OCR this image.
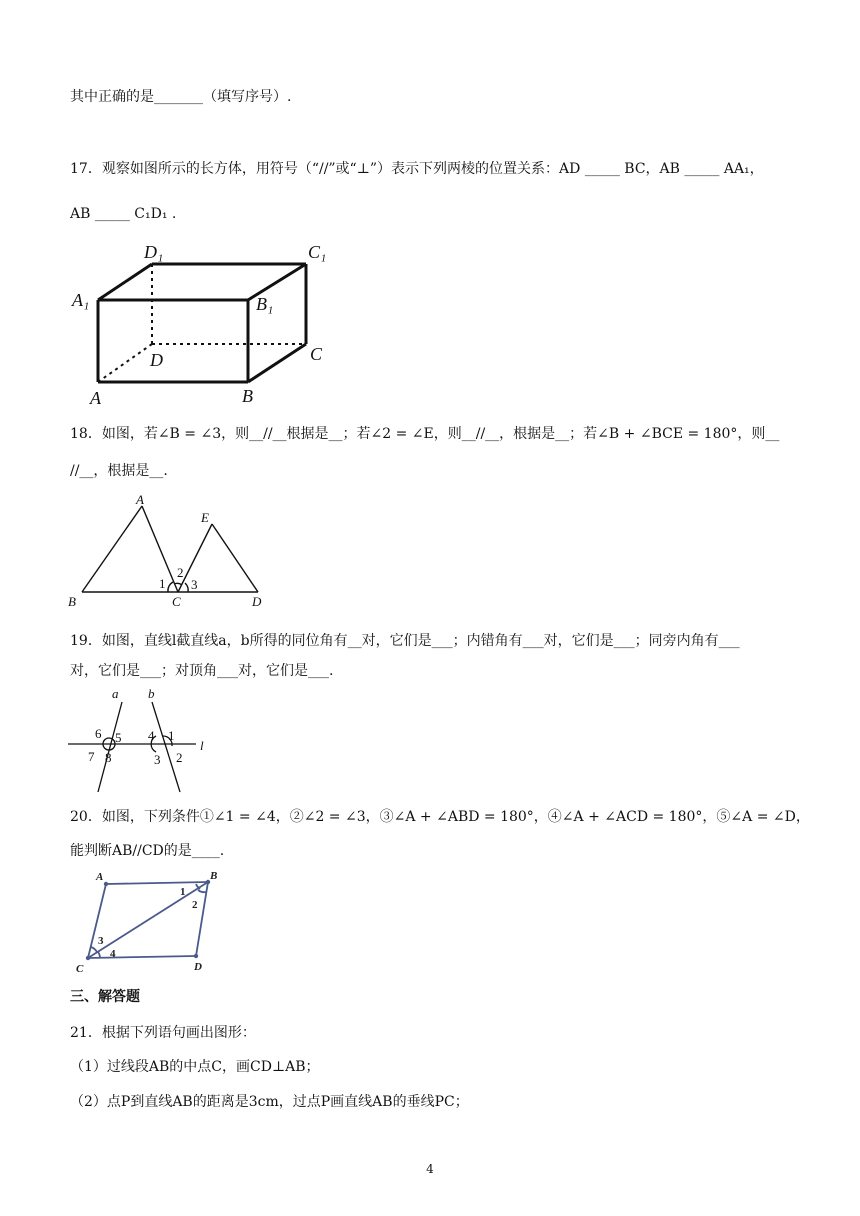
其中正确的是_______（填写序号）.
17．观察如图所示的长方体，用符号（“//”或“⊥”）表示下列两棱的位置关系：AD _____ BC，AB _____ AA₁，
AB _____ C₁D₁ .
D₁	C₁
A₁	B₁
D	C
A	B
18．如图，若∠B = ∠3，则__//__根据是__；若∠2 = ∠E，则__//__，根据是__；若∠B + ∠BCE = 180°，则__
//__，根据是__.
A
E
B	C	D
1
2
3
19．如图，直线l截直线a，b所得的同位角有__对，它们是___；内错角有___对，它们是___；同旁内角有___
对，它们是___；对顶角___对，它们是___.
a b
l
6 5
7 8
4 1
3 2
20．如图，下列条件①∠1 = ∠4，②∠2 = ∠3，③∠A + ∠ABD = 180°，④∠A + ∠ACD = 180°，⑤∠A = ∠D，
能判断AB//CD的是____.
A	B
C	D
1
2
3
4
三、解答题
21．根据下列语句画出图形：
（1）过线段AB的中点C，画CD⊥AB；
（2）点P到直线AB的距离是3cm，过点P画直线AB的垂线PC；
4
